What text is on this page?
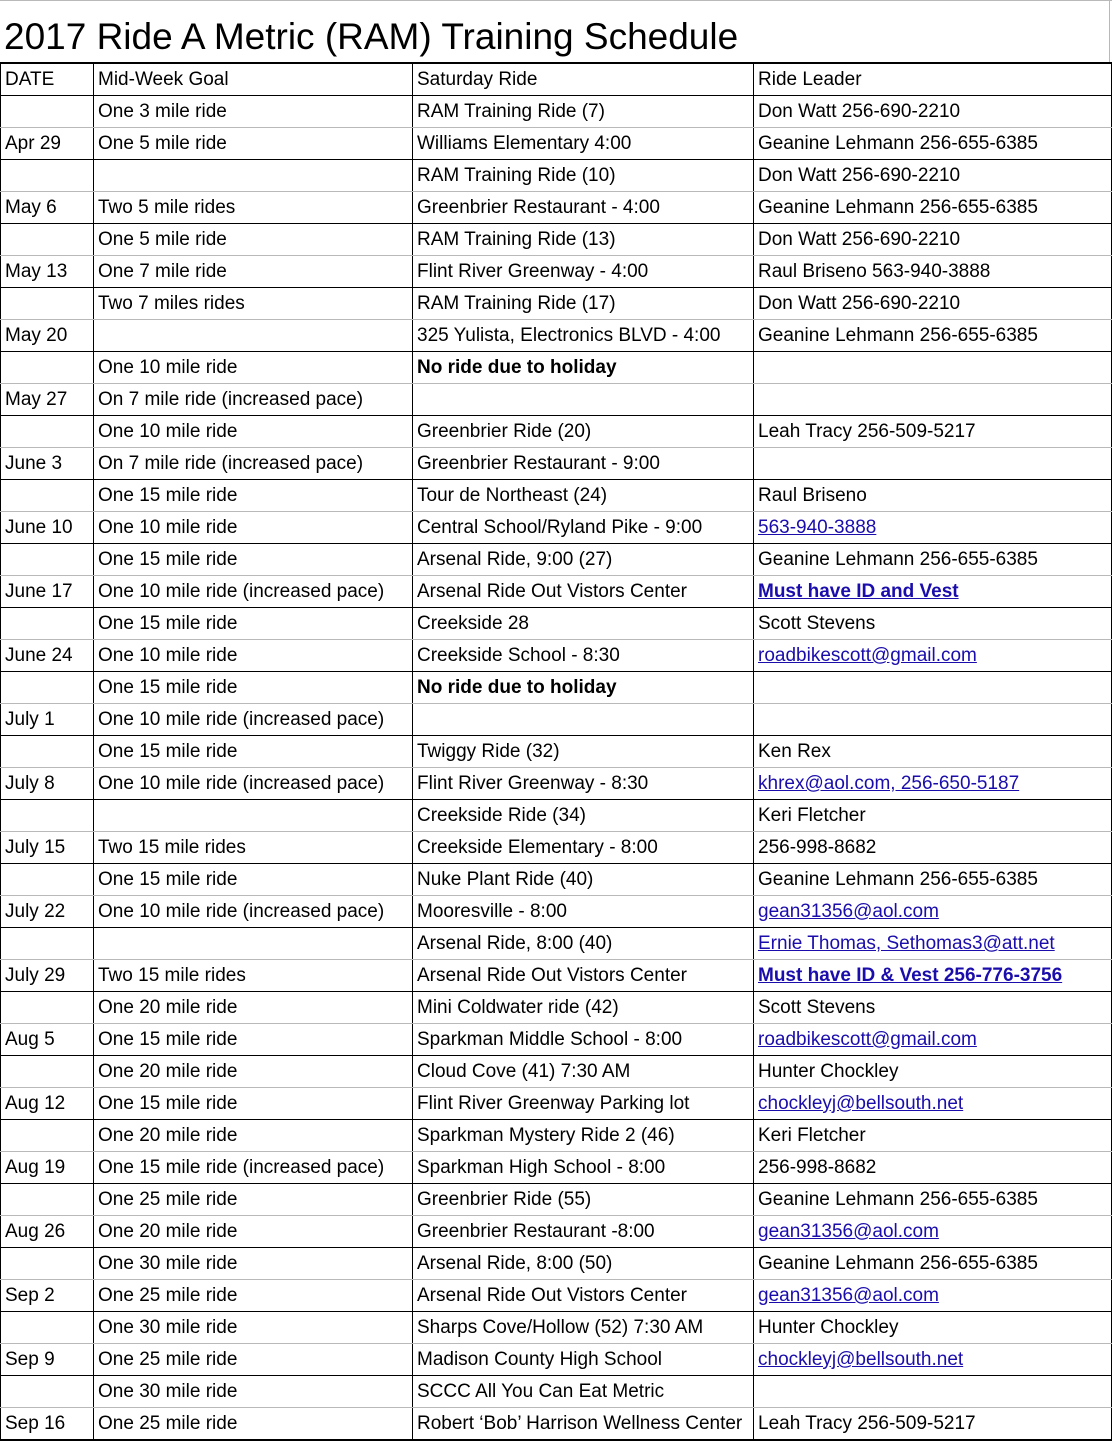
2017 Ride A Metric (RAM) Training Schedule
DATE	Mid-Week Goal	Saturday Ride	Ride Leader
	One 3 mile ride	RAM Training Ride (7)	Don Watt 256-690-2210
Apr 29	One 5 mile ride	Williams Elementary 4:00	Geanine Lehmann 256-655-6385
		RAM Training Ride (10)	Don Watt 256-690-2210
May 6	Two 5 mile rides	Greenbrier Restaurant - 4:00	Geanine Lehmann 256-655-6385
	One 5 mile ride	RAM Training Ride (13)	Don Watt 256-690-2210
May 13	One 7 mile ride	Flint River Greenway - 4:00	Raul Briseno 563-940-3888
	Two 7 miles rides	RAM Training Ride (17)	Don Watt 256-690-2210
May 20		325 Yulista, Electronics BLVD - 4:00	Geanine Lehmann 256-655-6385
	One 10 mile ride	No ride due to holiday	
May 27	On 7 mile ride (increased pace)		
	One 10 mile ride	Greenbrier Ride (20)	Leah Tracy 256-509-5217
June 3	On 7 mile ride (increased pace)	Greenbrier Restaurant - 9:00	
	One 15 mile ride	Tour de Northeast (24)	Raul Briseno
June 10	One 10 mile ride	Central School/Ryland Pike - 9:00	563-940-3888
	One 15 mile ride	Arsenal Ride, 9:00 (27)	Geanine Lehmann 256-655-6385
June 17	One 10 mile ride (increased pace)	Arsenal Ride Out Vistors Center	Must have ID and Vest
	One 15 mile ride	Creekside 28	Scott Stevens
June 24	One 10 mile ride	Creekside School - 8:30	roadbikescott@gmail.com
	One 15 mile ride	No ride due to holiday	
July 1	One 10 mile ride (increased pace)		
	One 15 mile ride	Twiggy Ride (32)	Ken Rex
July 8	One 10 mile ride (increased pace)	Flint River Greenway - 8:30	khrex@aol.com, 256-650-5187
		Creekside Ride (34)	Keri Fletcher
July 15	Two 15 mile rides	Creekside Elementary - 8:00	256-998-8682
	One 15 mile ride	Nuke Plant Ride (40)	Geanine Lehmann 256-655-6385
July 22	One 10 mile ride (increased pace)	Mooresville - 8:00	gean31356@aol.com
		Arsenal Ride, 8:00 (40)	Ernie Thomas, Sethomas3@att.net
July 29	Two 15 mile rides	Arsenal Ride Out Vistors Center	Must have ID & Vest 256-776-3756
	One 20 mile ride	Mini Coldwater ride (42)	Scott Stevens
Aug 5	One 15 mile ride	Sparkman Middle School - 8:00	roadbikescott@gmail.com
	One 20 mile ride	Cloud Cove (41) 7:30 AM	Hunter Chockley
Aug 12	One 15 mile ride	Flint River Greenway Parking lot	chockleyj@bellsouth.net
	One 20 mile ride	Sparkman Mystery Ride 2 (46)	Keri Fletcher
Aug 19	One 15 mile ride (increased pace)	Sparkman High School - 8:00	256-998-8682
	One 25 mile ride	Greenbrier Ride (55)	Geanine Lehmann 256-655-6385
Aug 26	One 20 mile ride	Greenbrier Restaurant -8:00	gean31356@aol.com
	One 30 mile ride	Arsenal Ride, 8:00 (50)	Geanine Lehmann 256-655-6385
Sep 2	One 25 mile ride	Arsenal Ride Out Vistors Center	gean31356@aol.com
	One 30 mile ride	Sharps Cove/Hollow (52) 7:30 AM	Hunter Chockley
Sep 9	One 25 mile ride	Madison County High School	chockleyj@bellsouth.net
	One 30 mile ride	SCCC All You Can Eat Metric	
Sep 16	One 25 mile ride	Robert ‘Bob’ Harrison Wellness Center	Leah Tracy 256-509-5217
